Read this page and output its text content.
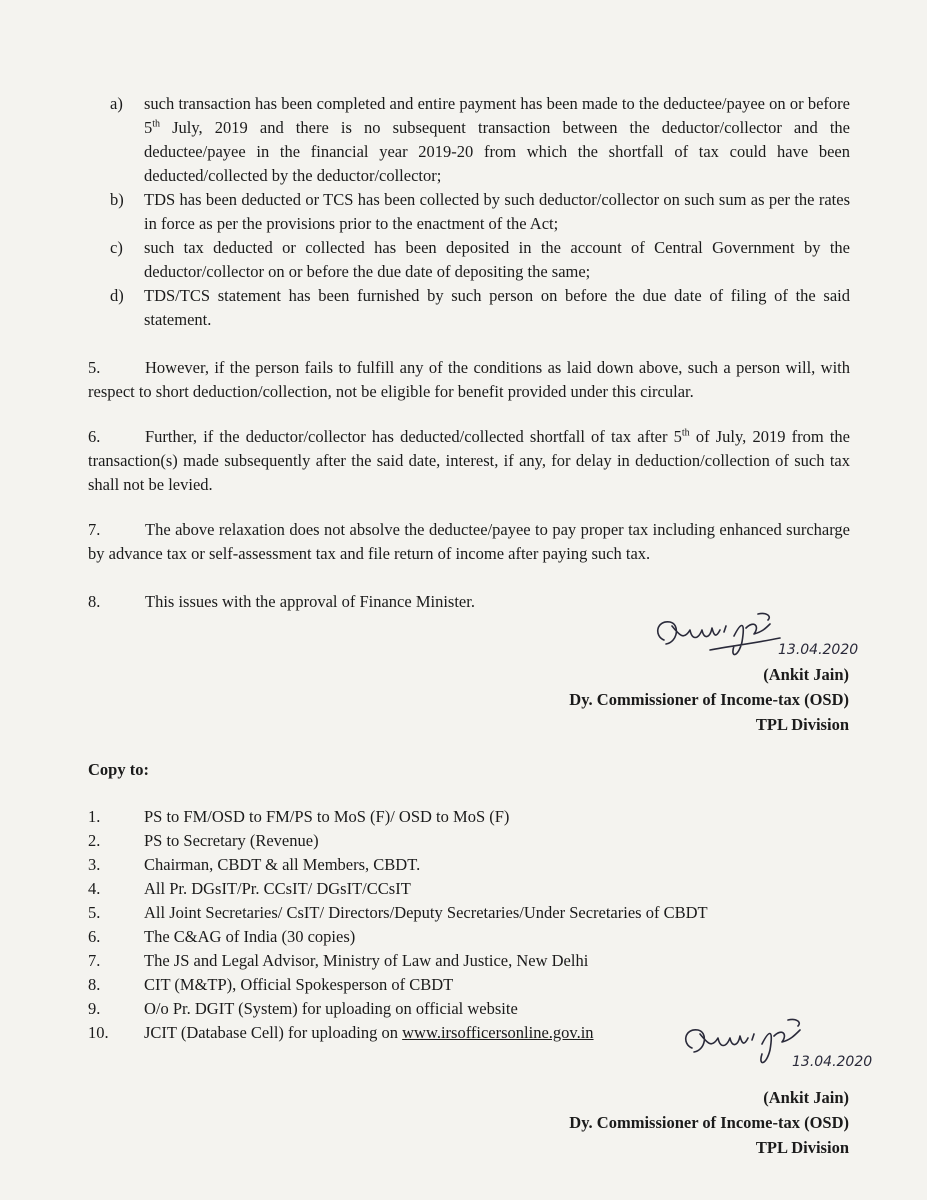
a)	such transaction has been completed and entire payment has been made to the deductee/payee on or before 5th July, 2019 and there is no subsequent transaction between the deductor/collector and the deductee/payee in the financial year 2019-20 from which the shortfall of tax could have been deducted/collected by the deductor/collector;
b)	TDS has been deducted or TCS has been collected by such deductor/collector on such sum as per the rates in force as per the provisions prior to the enactment of the Act;
c)	such tax deducted or collected has been deposited in the account of Central Government by the deductor/collector on or before the due date of depositing the same;
d)	TDS/TCS statement has been furnished by such person on before the due date of filing of the said statement.

5.	However, if the person fails to fulfill any of the conditions as laid down above, such a person will, with respect to short deduction/collection, not be eligible for benefit provided under this circular.

6.	Further, if the deductor/collector has deducted/collected shortfall of tax after 5th of July, 2019 from the transaction(s) made subsequently after the said date, interest, if any, for delay in deduction/collection of such tax shall not be levied.

7.	The above relaxation does not absolve the deductee/payee to pay proper tax including enhanced surcharge by advance tax or self-assessment tax and file return of income after paying such tax.

8.	This issues with the approval of Finance Minister.

13.04.2020
(Ankit Jain)
Dy. Commissioner of Income-tax (OSD)
TPL Division
Copy to:
1.	PS to FM/OSD to FM/PS to MoS (F)/ OSD to MoS (F)
2.	PS to Secretary (Revenue)
3.	Chairman, CBDT & all Members, CBDT.
4.	All Pr. DGsIT/Pr. CCsIT/ DGsIT/CCsIT
5.	All Joint Secretaries/ CsIT/ Directors/Deputy Secretaries/Under Secretaries of CBDT
6.	The C&AG of India (30 copies)
7.	The JS and Legal Advisor, Ministry of Law and Justice, New Delhi
8.	CIT (M&TP), Official Spokesperson of CBDT
9.	O/o Pr. DGIT (System) for uploading on official website
10.	JCIT (Database Cell) for uploading on www.irsofficersonline.gov.in
13.04.2020
(Ankit Jain)
Dy. Commissioner of Income-tax (OSD)
TPL Division
